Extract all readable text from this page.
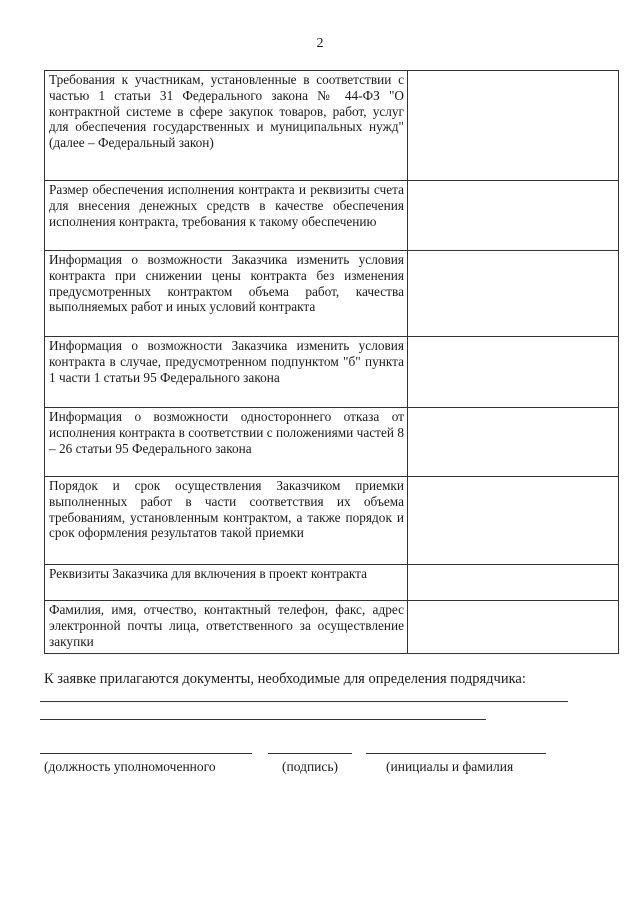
2
Требования к участникам, установленные в соответствии с частью 1 статьи 31 Федерального закона № 44-ФЗ "О контрактной системе в сфере закупок товаров, работ, услуг для обеспечения государственных и муниципальных нужд" (далее – Федеральный закон)	
Размер обеспечения исполнения контракта и реквизиты счета для внесения денежных средств в качестве обеспечения исполнения контракта, требования к такому обеспечению	
Информация о возможности Заказчика изменить условия контракта при снижении цены контракта без изменения предусмотренных контрактом объема работ, качества выполняемых работ и иных условий контракта	
Информация о возможности Заказчика изменить условия контракта в случае, предусмотренном подпунктом "б" пункта 1 части 1 статьи 95 Федерального закона	
Информация о возможности одностороннего отказа от исполнения контракта в соответствии с положениями частей 8 – 26 статьи 95 Федерального закона	
Порядок и срок осуществления Заказчиком приемки выполненных работ в части соответствия их объема требованиям, установленным контрактом, а также порядок и срок оформления результатов такой приемки	
Реквизиты Заказчика для включения в проект контракта	
Фамилия, имя, отчество, контактный телефон, факс, адрес электронной почты лица, ответственного за осуществление закупки	
К заявке прилагаются документы, необходимые для определения подрядчика:
(должность уполномоченного	(подпись)	(инициалы и фамилия
